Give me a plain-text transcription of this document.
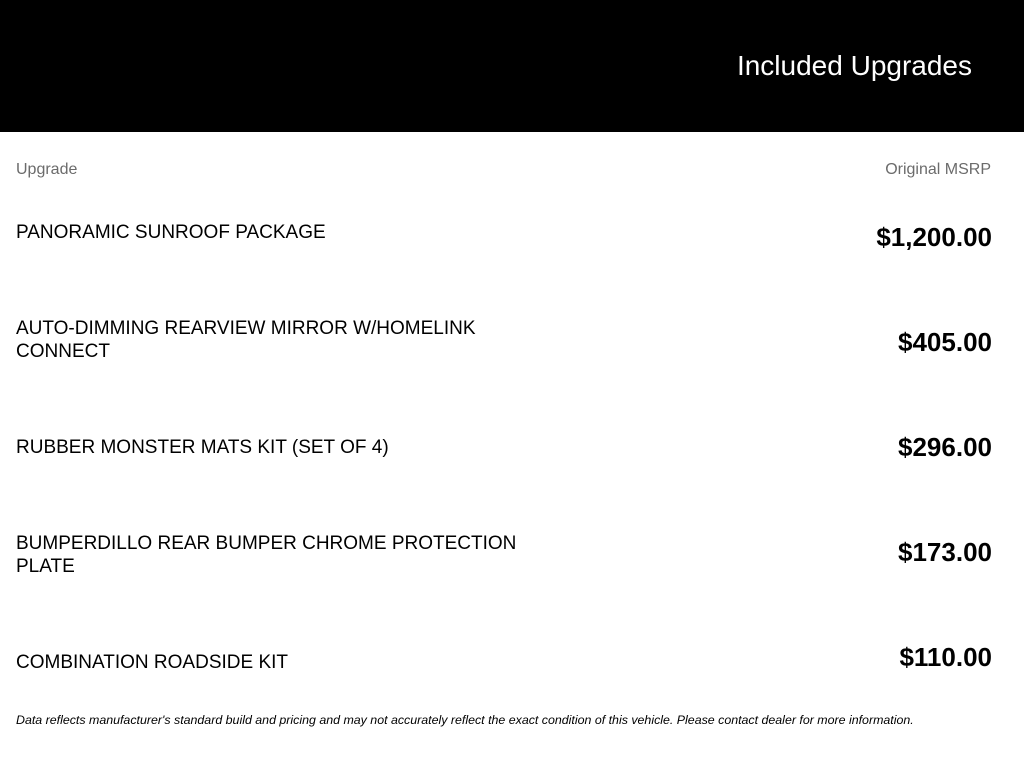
Included Upgrades
Upgrade	Original MSRP
PANORAMIC SUNROOF PACKAGE	$1,200.00
AUTO-DIMMING REARVIEW MIRROR W/HOMELINK CONNECT	$405.00
RUBBER MONSTER MATS KIT (SET OF 4)	$296.00
BUMPERDILLO REAR BUMPER CHROME PROTECTION PLATE	$173.00
COMBINATION ROADSIDE KIT	$110.00
Data reflects manufacturer's standard build and pricing and may not accurately reflect the exact condition of this vehicle. Please contact dealer for more information.
